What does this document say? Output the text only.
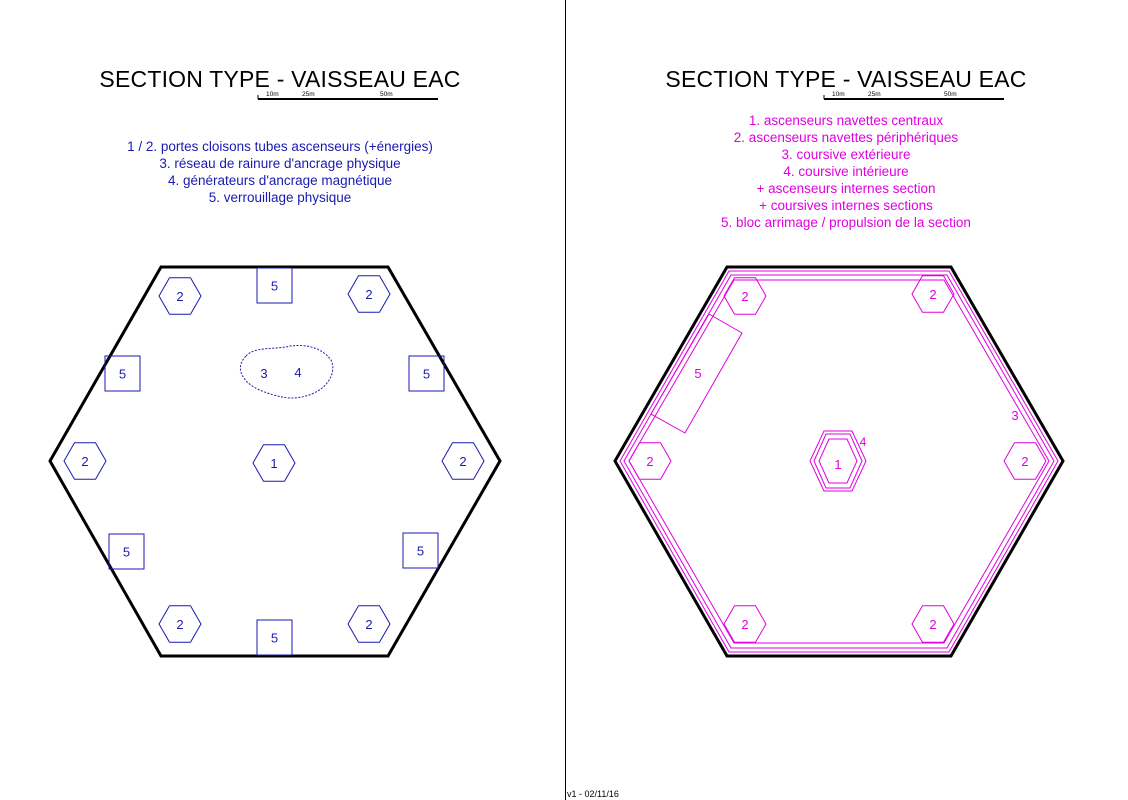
SECTION TYPE - VAISSEAU EAC
1 / 2. portes cloisons tubes ascenseurs (+énergies)
3. réseau de rainure d'ancrage physique
4. générateurs d'ancrage magnétique
5. verrouillage physique
SECTION TYPE - VAISSEAU EAC
1. ascenseurs navettes centraux
2. ascenseurs navettes périphériques
3. coursive extérieure
4. coursive intérieure
+ ascenseurs internes section
+ coursives internes sections
5. bloc arrimage / propulsion de la section
v1 - 02/11/16
10m	25m	50m	10m	25m	50m
3 4
2	2
2	2
2	2
1
5
5	5
5	5
5
3
5
1
4
2	2
2	2
2	2
